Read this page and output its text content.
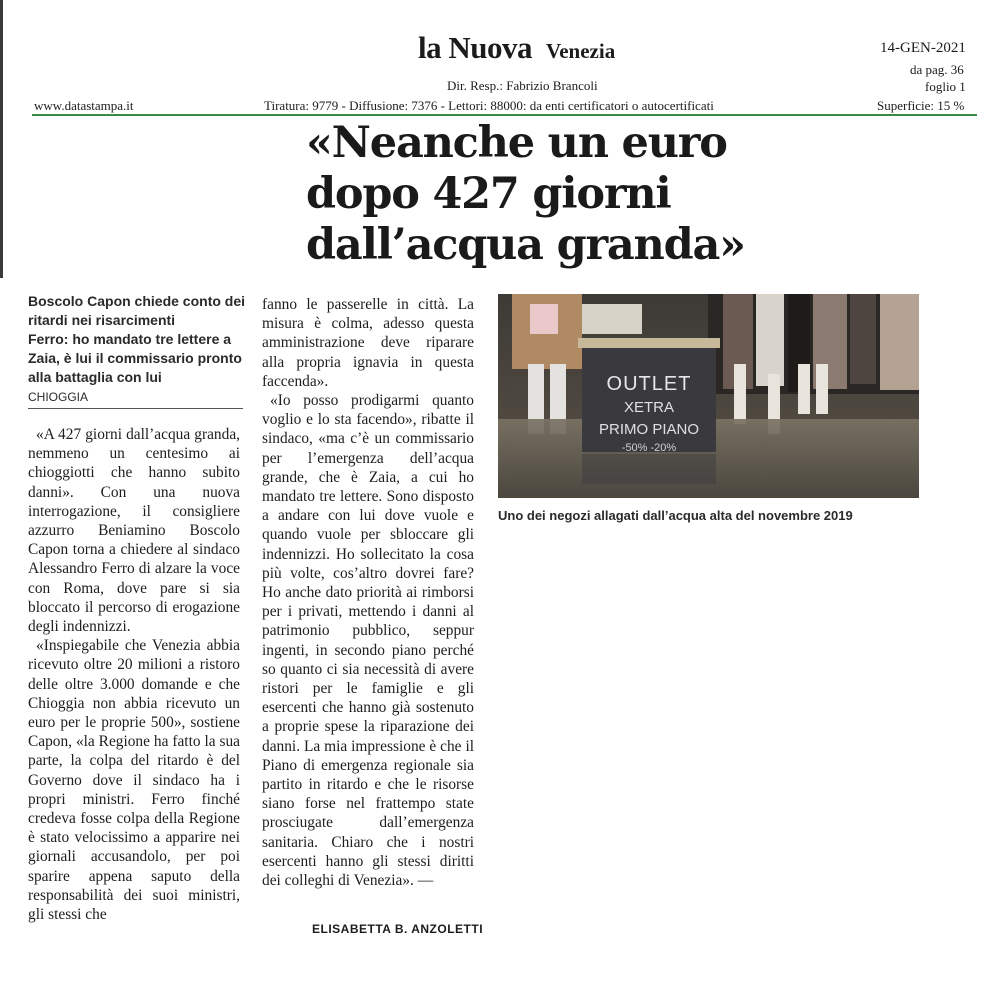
la Nuova Venezia
Dir. Resp.: Fabrizio Brancoli
www.datastampa.it	Tiratura: 9779 - Diffusione: 7376 - Lettori: 88000: da enti certificatori o autocertificati
14-GEN-2021
da pag. 36
foglio 1
Superficie: 15 %
«Neanche un euro
dopo 427 giorni
dall’acqua granda»
Boscolo Capon chiede conto dei ritardi nei risarcimenti
Ferro: ho mandato tre lettere a Zaia, è lui il commissario pronto alla battaglia con lui
CHIOGGIA

«A 427 giorni dall’acqua granda, nemmeno un centesimo ai chioggiotti che hanno subito danni». Con una nuova interrogazione, il consigliere azzurro Beniamino Boscolo Capon torna a chiedere al sindaco Alessandro Ferro di alzare la voce con Roma, dove pare si sia bloccato il percorso di erogazione degli indennizzi.

«Inspiegabile che Venezia abbia ricevuto oltre 20 milioni a ristoro delle oltre 3.000 domande e che Chioggia non abbia ricevuto un euro per le proprie 500», sostiene Capon, «la Regione ha fatto la sua parte, la colpa del ritardo è del Governo dove il sindaco ha i propri ministri. Ferro finché credeva fosse colpa della Regione è stato velocissimo a apparire nei giornali accusandolo, per poi sparire appena saputo della responsabilità dei suoi ministri, gli stessi che

fanno le passerelle in città. La misura è colma, adesso questa amministrazione deve riparare alla propria ignavia in questa faccenda».

«Io posso prodigarmi quanto voglio e lo sta facendo», ribatte il sindaco, «ma c’è un commissario per l’emergenza dell’acqua grande, che è Zaia, a cui ho mandato tre lettere. Sono disposto a andare con lui dove vuole e quando vuole per sbloccare gli indennizzi. Ho sollecitato la cosa più volte, cos’altro dovrei fare? Ho anche dato priorità ai rimborsi per i privati, mettendo i danni al patrimonio pubblico, seppur ingenti, in secondo piano perché so quanto ci sia necessità di avere ristori per le famiglie e gli esercenti che hanno già sostenuto a proprie spese la riparazione dei danni. La mia impressione è che il Piano di emergenza regionale sia partito in ritardo e che le risorse siano forse nel frattempo state prosciugate dall’emergenza sanitaria. Chiaro che i nostri esercenti hanno gli stessi diritti dei colleghi di Venezia». —

ELISABETTA B. ANZOLETTI
OUTLET
XETRA
PRIMO PIANO
-50% -20%
Uno dei negozi allagati dall’acqua alta del novembre 2019
